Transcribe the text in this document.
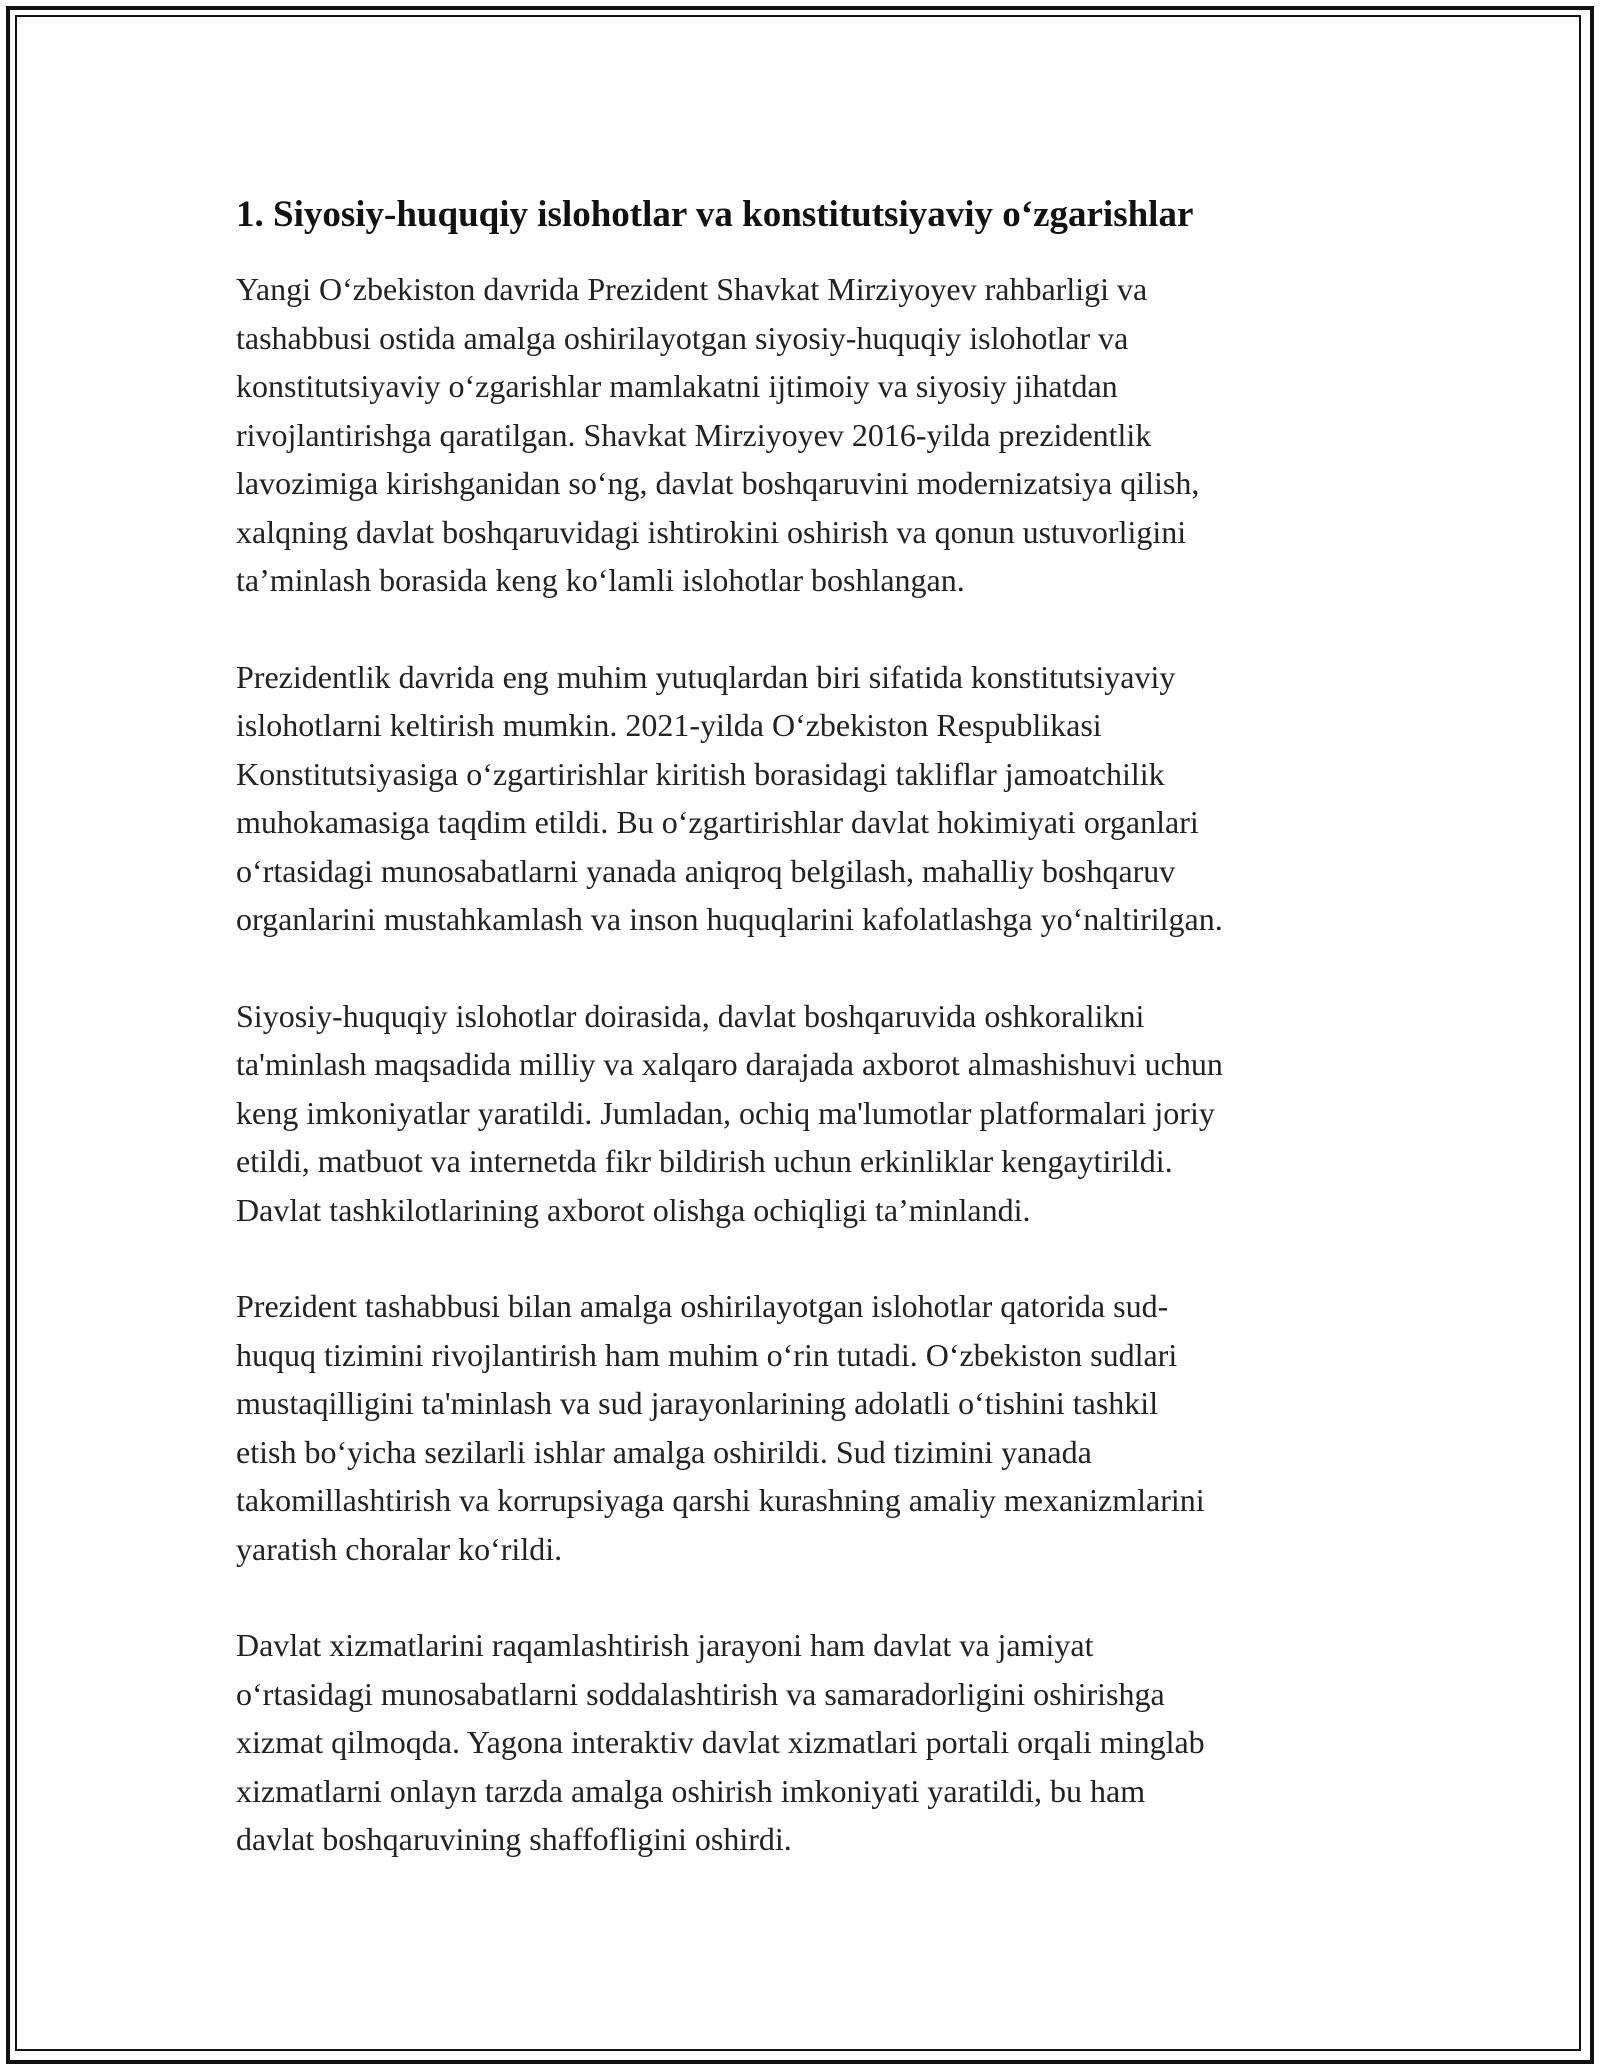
1. Siyosiy-huquqiy islohotlar va konstitutsiyaviy o‘zgarishlar

Yangi O‘zbekiston davrida Prezident Shavkat Mirziyoyev rahbarligi va
tashabbusi ostida amalga oshirilayotgan siyosiy-huquqiy islohotlar va
konstitutsiyaviy o‘zgarishlar mamlakatni ijtimoiy va siyosiy jihatdan
rivojlantirishga qaratilgan. Shavkat Mirziyoyev 2016-yilda prezidentlik
lavozimiga kirishganidan so‘ng, davlat boshqaruvini modernizatsiya qilish,
xalqning davlat boshqaruvidagi ishtirokini oshirish va qonun ustuvorligini
ta’minlash borasida keng ko‘lamli islohotlar boshlangan.

Prezidentlik davrida eng muhim yutuqlardan biri sifatida konstitutsiyaviy
islohotlarni keltirish mumkin. 2021-yilda O‘zbekiston Respublikasi
Konstitutsiyasiga o‘zgartirishlar kiritish borasidagi takliflar jamoatchilik
muhokamasiga taqdim etildi. Bu o‘zgartirishlar davlat hokimiyati organlari
o‘rtasidagi munosabatlarni yanada aniqroq belgilash, mahalliy boshqaruv
organlarini mustahkamlash va inson huquqlarini kafolatlashga yo‘naltirilgan.

Siyosiy-huquqiy islohotlar doirasida, davlat boshqaruvida oshkoralikni
ta'minlash maqsadida milliy va xalqaro darajada axborot almashishuvi uchun
keng imkoniyatlar yaratildi. Jumladan, ochiq ma'lumotlar platformalari joriy
etildi, matbuot va internetda fikr bildirish uchun erkinliklar kengaytirildi.
Davlat tashkilotlarining axborot olishga ochiqligi ta’minlandi.

Prezident tashabbusi bilan amalga oshirilayotgan islohotlar qatorida sud-
huquq tizimini rivojlantirish ham muhim o‘rin tutadi. O‘zbekiston sudlari
mustaqilligini ta'minlash va sud jarayonlarining adolatli o‘tishini tashkil
etish bo‘yicha sezilarli ishlar amalga oshirildi. Sud tizimini yanada
takomillashtirish va korrupsiyaga qarshi kurashning amaliy mexanizmlarini
yaratish choralar ko‘rildi.

Davlat xizmatlarini raqamlashtirish jarayoni ham davlat va jamiyat
o‘rtasidagi munosabatlarni soddalashtirish va samaradorligini oshirishga
xizmat qilmoqda. Yagona interaktiv davlat xizmatlari portali orqali minglab
xizmatlarni onlayn tarzda amalga oshirish imkoniyati yaratildi, bu ham
davlat boshqaruvining shaffofligini oshirdi.
